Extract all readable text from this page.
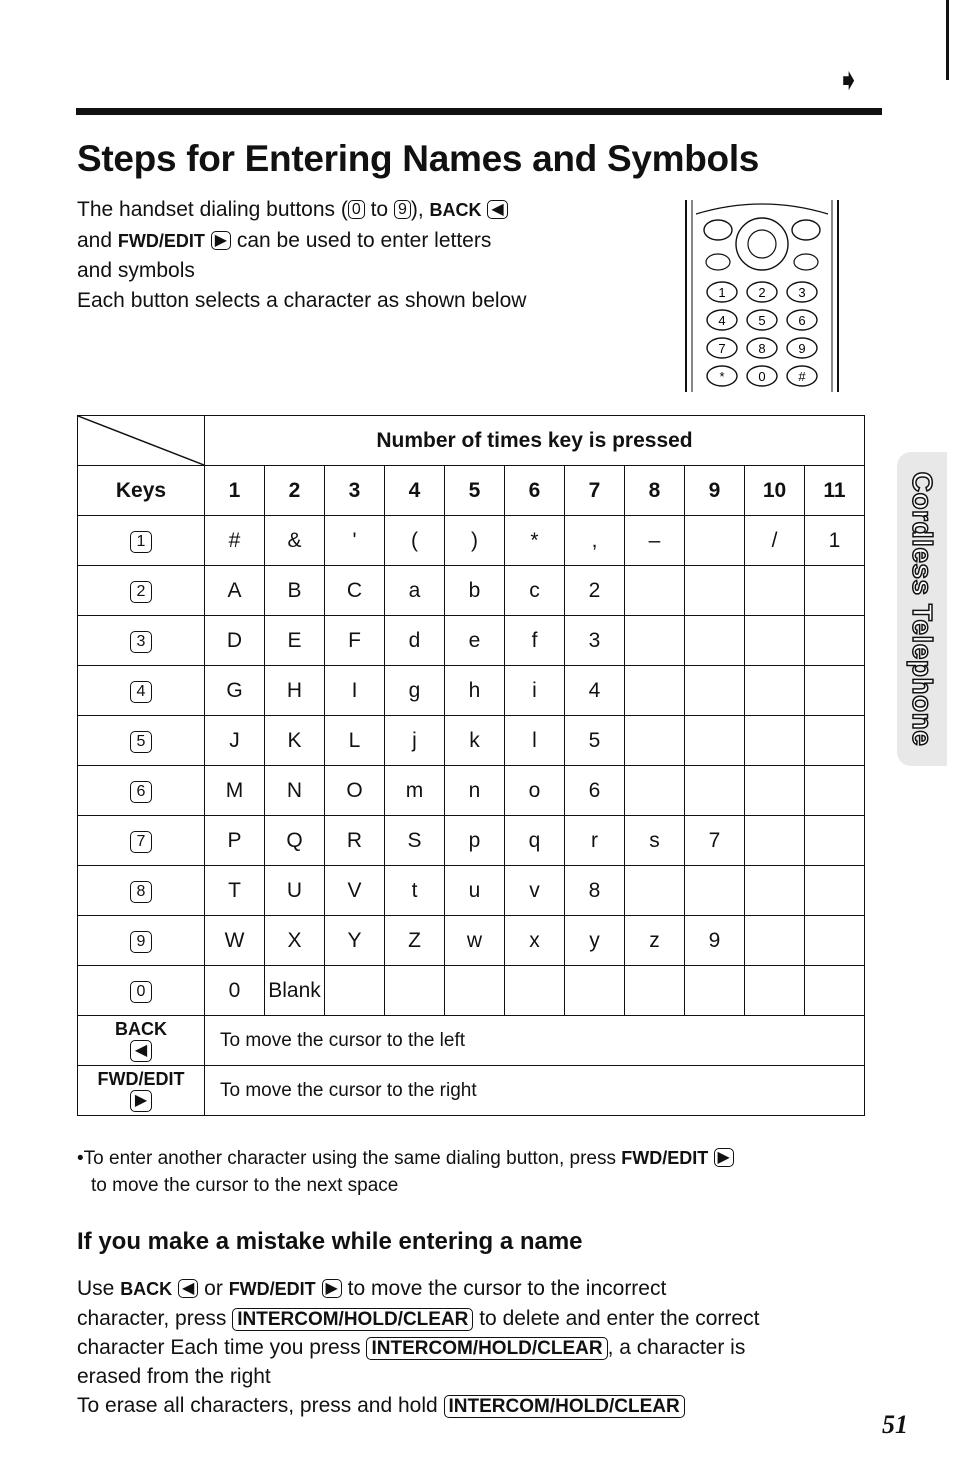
➧
Steps for Entering Names and Symbols

The handset dialing buttons ( 0 to 9 ), BACK ◀

and FWD/EDIT ▶ can be used to enter letters

and symbols

Each button selects a character as shown below	1	2	3
4	5	6
7	8	9
*	0	#
Cordless Telephone
	Number of times key is pressed										
Keys	1	2	3	4	5	6	7	8	9	10	11
1	#	&	'	(	)	*	,	–		/	1
2	A	B	C	a	b	c	2				
3	D	E	F	d	e	f	3				
4	G	H	I	g	h	i	4				
5	J	K	L	j	k	l	5				
6	M	N	O	m	n	o	6				
7	P	Q	R	S	p	q	r	s	7		
8	T	U	V	t	u	v	8				
9	W	X	Y	Z	w	x	y	z	9		
0	0	Blank									

BACK
◀	To move the cursor to the left										

FWD/EDIT
▶	To move the cursor to the right										

•To enter another character using the same dialing button, press FWD/EDIT ▶

to move the cursor to the next space

If you make a mistake while entering a name

Use BACK ◀ or FWD/EDIT ▶ to move the cursor to the incorrect

character, press INTERCOM/HOLD/CLEAR to delete and enter the correct

character Each time you press INTERCOM/HOLD/CLEAR , a character is

erased from the right

To erase all characters, press and hold INTERCOM/HOLD/CLEAR

51
